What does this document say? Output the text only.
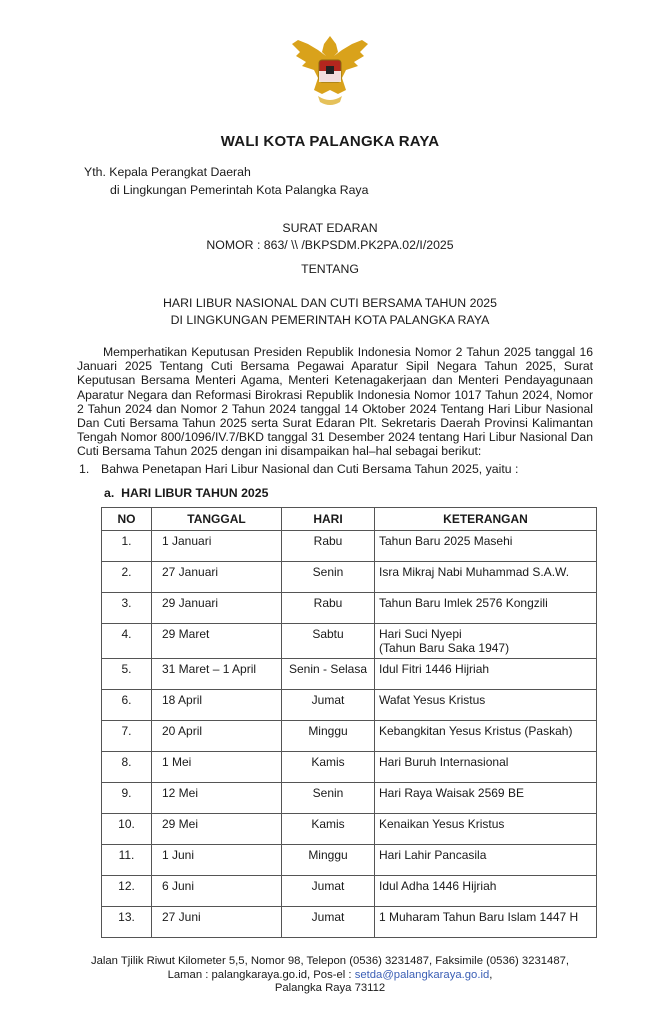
WALI KOTA PALANGKA RAYA
Yth. Kepala Perangkat Daerah
di Lingkungan Pemerintah Kota Palangka Raya
SURAT EDARAN
NOMOR : 863/ \\ /BKPSDM.PK2PA.02/I/2025
TENTANG
HARI LIBUR NASIONAL DAN CUTI BERSAMA TAHUN 2025
DI LINGKUNGAN PEMERINTAH KOTA PALANGKA RAYA
Memperhatikan Keputusan Presiden Republik Indonesia Nomor 2 Tahun 2025 tanggal 16 Januari 2025 Tentang Cuti Bersama Pegawai Aparatur Sipil Negara Tahun 2025, Surat Keputusan Bersama Menteri Agama, Menteri Ketenagakerjaan dan Menteri Pendayagunaan Aparatur Negara dan Reformasi Birokrasi Republik Indonesia Nomor 1017 Tahun 2024, Nomor 2 Tahun 2024 dan Nomor 2 Tahun 2024 tanggal 14 Oktober 2024 Tentang Hari Libur Nasional Dan Cuti Bersama Tahun 2025 serta Surat Edaran Plt. Sekretaris Daerah Provinsi Kalimantan Tengah Nomor 800/1096/IV.7/BKD tanggal 31 Desember 2024 tentang Hari Libur Nasional Dan Cuti Bersama Tahun 2025 dengan ini disampaikan hal–hal sebagai berikut:
1. Bahwa Penetapan Hari Libur Nasional dan Cuti Bersama Tahun 2025, yaitu :
a.  HARI LIBUR TAHUN 2025
NO	TANGGAL	HARI	KETERANGAN

1.	1 Januari	Rabu	Tahun Baru 2025 Masehi

2.	27 Januari	Senin	Isra Mikraj Nabi Muhammad S.A.W.

3.	29 Januari	Rabu	Tahun Baru Imlek 2576 Kongzili

4.	29 Maret	Sabtu	Hari Suci Nyepi
(Tahun Baru Saka 1947)

5.	31 Maret – 1 April	Senin - Selasa	Idul Fitri 1446 Hijriah

6.	18 April	Jumat	Wafat Yesus Kristus

7.	20 April	Minggu	Kebangkitan Yesus Kristus (Paskah)

8.	1 Mei	Kamis	Hari Buruh Internasional

9.	12 Mei	Senin	Hari Raya Waisak 2569 BE

10.	29 Mei	Kamis	Kenaikan Yesus Kristus

11.	1 Juni	Minggu	Hari Lahir Pancasila

12.	6 Juni	Jumat	Idul Adha 1446 Hijriah

13.	27 Juni	Jumat	1 Muharam Tahun Baru Islam 1447 H
Jalan Tjilik Riwut Kilometer 5,5, Nomor 98, Telepon (0536) 3231487, Faksimile (0536) 3231487,
Laman : palangkaraya.go.id, Pos-el : setda@palangkaraya.go.id,
Palangka Raya 73112
